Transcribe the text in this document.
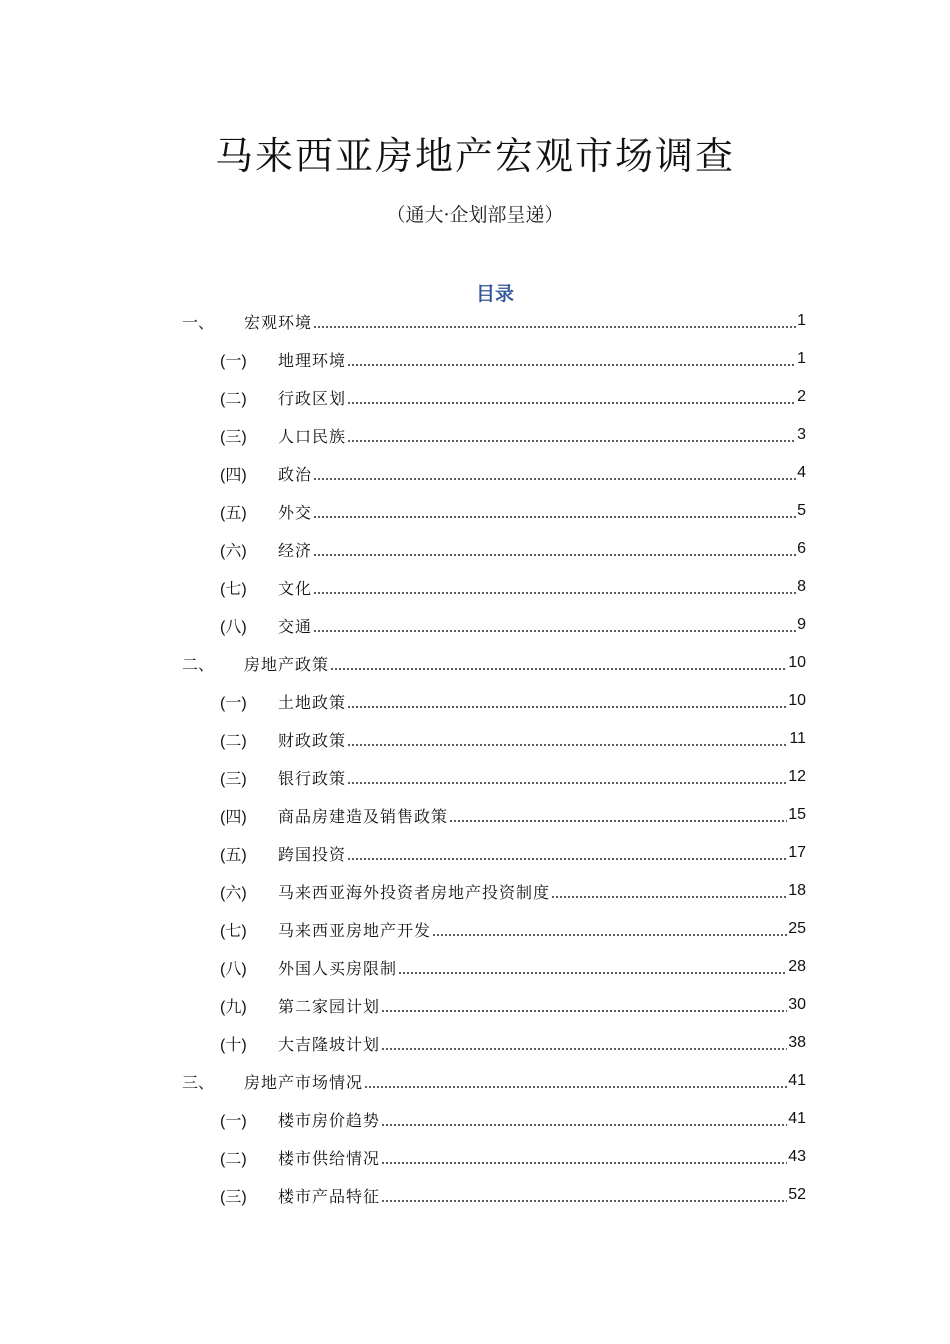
马来西亚房地产宏观市场调查
（通大·企划部呈递）
目录
一、	宏观环境	1
(一)	地理环境	1
(二)	行政区划	2
(三)	人口民族	3
(四)	政治	4
(五)	外交	5
(六)	经济	6
(七)	文化	8
(八)	交通	9
二、	房地产政策	10
(一)	土地政策	10
(二)	财政政策	11
(三)	银行政策	12
(四)	商品房建造及销售政策	15
(五)	跨国投资	17
(六)	马来西亚海外投资者房地产投资制度	18
(七)	马来西亚房地产开发	25
(八)	外国人买房限制	28
(九)	第二家园计划	30
(十)	大吉隆坡计划	38
三、	房地产市场情况	41
(一)	楼市房价趋势	41
(二)	楼市供给情况	43
(三)	楼市产品特征	52
